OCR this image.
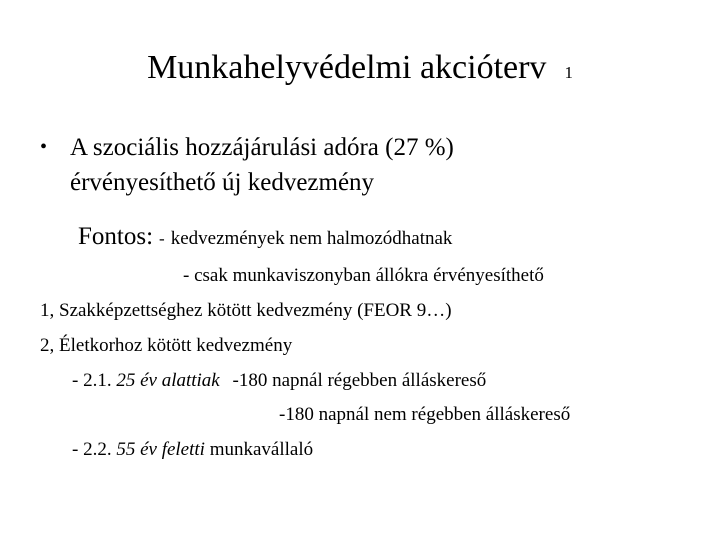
Munkahelyvédelmi akcióterv 1
• A szociális hozzájárulási adóra (27 %)
érvényesíthető új kedvezmény
Fontos: - kedvezmények nem halmozódhatnak
- csak munkaviszonyban állókra érvényesíthető
1, Szakképzettséghez kötött kedvezmény (FEOR 9…)
2, Életkorhoz kötött kedvezmény
- 2.1. 25 év alattiak -180 napnál régebben álláskereső
-180 napnál nem régebben álláskereső
- 2.2. 55 év feletti munkavállaló
